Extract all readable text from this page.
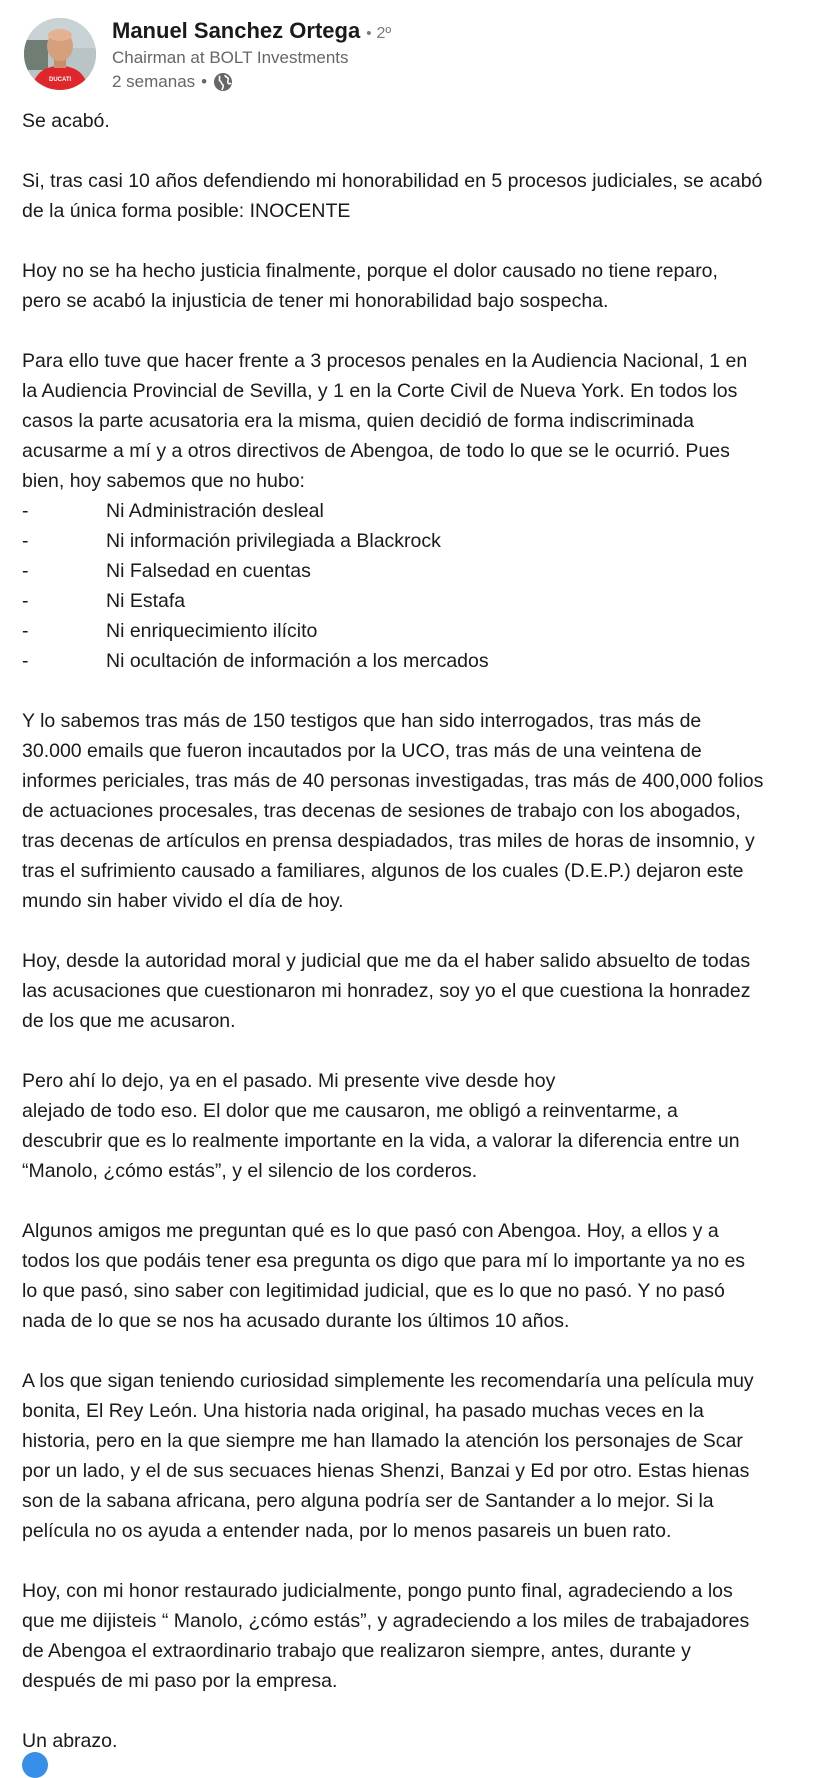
DUCATI
Manuel Sanchez Ortega • 2º
Chairman at BOLT Investments
2 semanas •

Se acabó.

Si, tras casi 10 años defendiendo mi honorabilidad en 5 procesos judiciales, se acabó
de la única forma posible: INOCENTE

Hoy no se ha hecho justicia finalmente, porque el dolor causado no tiene reparo,
pero se acabó la injusticia de tener mi honorabilidad bajo sospecha.

Para ello tuve que hacer frente a 3 procesos penales en la Audiencia Nacional, 1 en
la Audiencia Provincial de Sevilla, y 1 en la Corte Civil de Nueva York. En todos los
casos la parte acusatoria era la misma, quien decidió de forma indiscriminada
acusarme a mí y a otros directivos de Abengoa, de todo lo que se le ocurrió. Pues
bien, hoy sabemos que no hubo:

-	Ni Administración desleal
-	Ni información privilegiada a Blackrock
-	Ni Falsedad en cuentas
-	Ni Estafa
-	Ni enriquecimiento ilícito
-	Ni ocultación de información a los mercados

Y lo sabemos tras más de 150 testigos que han sido interrogados, tras más de
30.000 emails que fueron incautados por la UCO, tras más de una veintena de
informes periciales, tras más de 40 personas investigadas, tras más de 400,000 folios
de actuaciones procesales, tras decenas de sesiones de trabajo con los abogados,
tras decenas de artículos en prensa despiadados, tras miles de horas de insomnio, y
tras el sufrimiento causado a familiares, algunos de los cuales (D.E.P.) dejaron este
mundo sin haber vivido el día de hoy.

Hoy, desde la autoridad moral y judicial que me da el haber salido absuelto de todas
las acusaciones que cuestionaron mi honradez, soy yo el que cuestiona la honradez
de los que me acusaron.

Pero ahí lo dejo, ya en el pasado. Mi presente vive desde hoy
alejado de todo eso. El dolor que me causaron, me obligó a reinventarme, a
descubrir que es lo realmente importante en la vida, a valorar la diferencia entre un
“Manolo, ¿cómo estás”, y el silencio de los corderos.

Algunos amigos me preguntan qué es lo que pasó con Abengoa. Hoy, a ellos y a
todos los que podáis tener esa pregunta os digo que para mí lo importante ya no es
lo que pasó, sino saber con legitimidad judicial, que es lo que no pasó. Y no pasó
nada de lo que se nos ha acusado durante los últimos 10 años.

A los que sigan teniendo curiosidad simplemente les recomendaría una película muy
bonita, El Rey León. Una historia nada original, ha pasado muchas veces en la
historia, pero en la que siempre me han llamado la atención los personajes de Scar
por un lado, y el de sus secuaces hienas Shenzi, Banzai y Ed por otro. Estas hienas
son de la sabana africana, pero alguna podría ser de Santander a lo mejor. Si la
película no os ayuda a entender nada, por lo menos pasareis un buen rato.

Hoy, con mi honor restaurado judicialmente, pongo punto final, agradeciendo a los
que me dijisteis “ Manolo, ¿cómo estás”, y agradeciendo a los miles de trabajadores
de Abengoa el extraordinario trabajo que realizaron siempre, antes, durante y
después de mi paso por la empresa.

Un abrazo.
